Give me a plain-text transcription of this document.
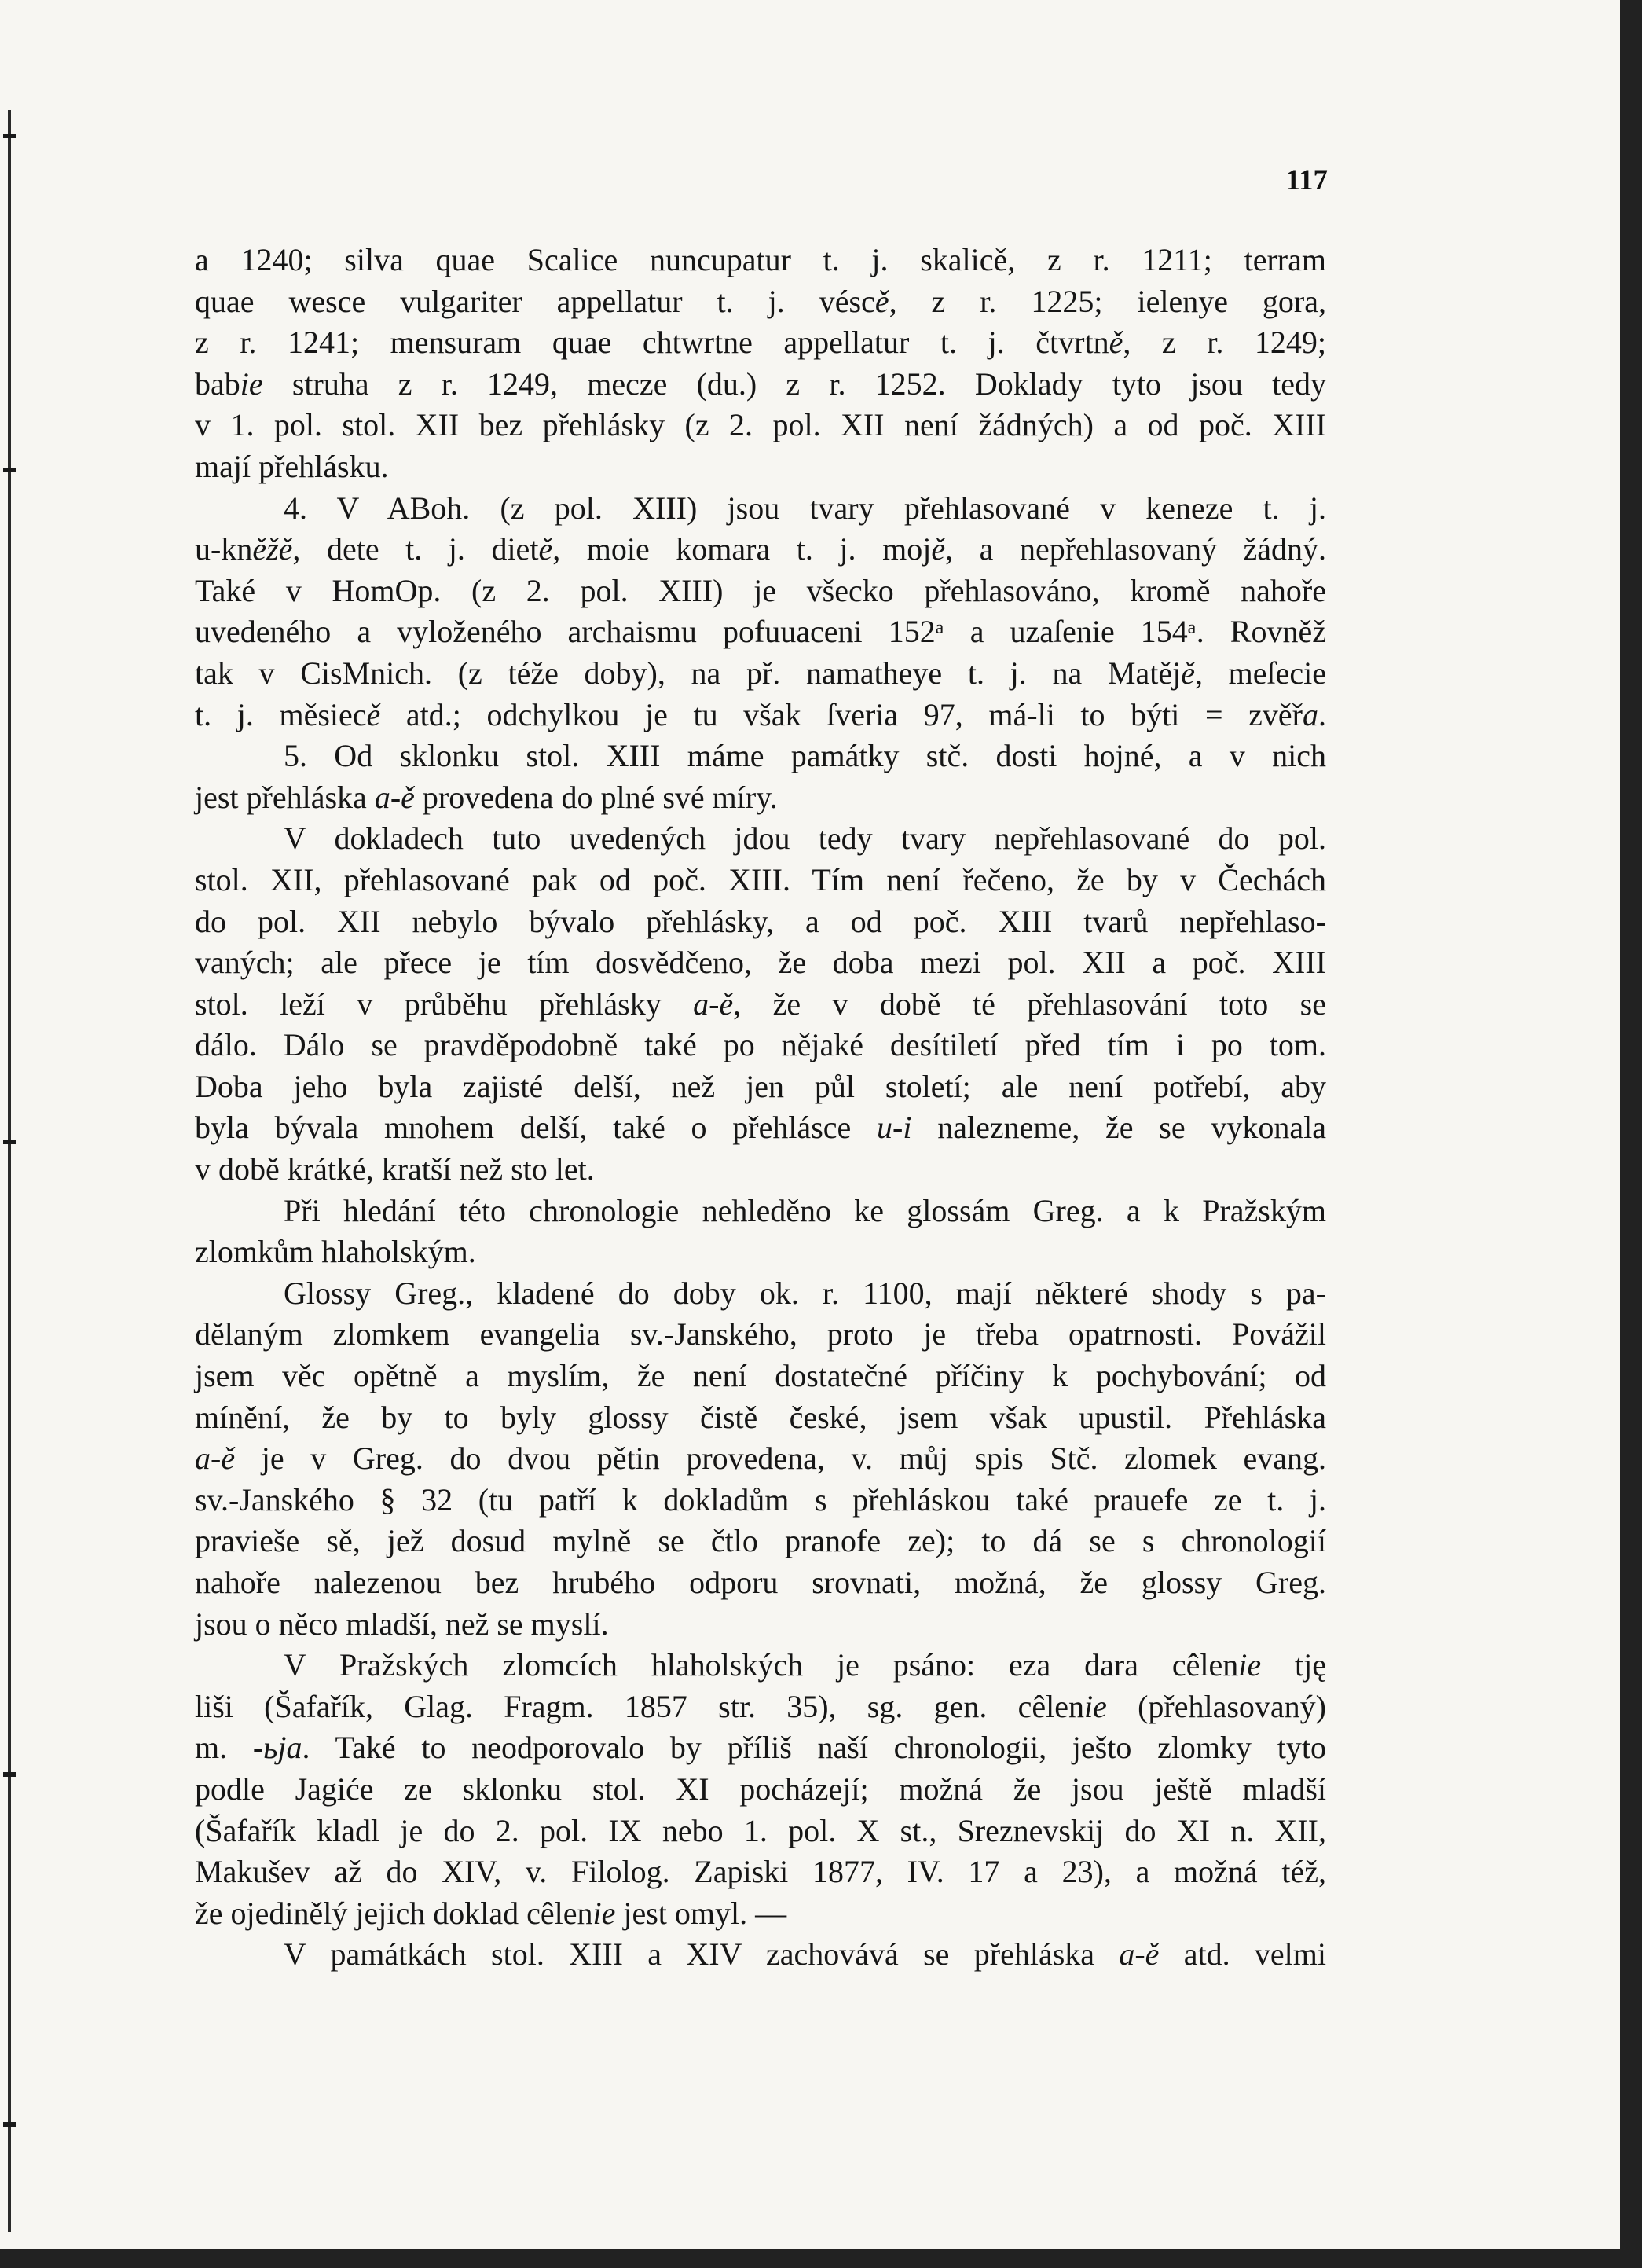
117
a 1240; silva quae Scalice nuncupatur t. j. skalicě, z r. 1211; terram
quae wesce vulgariter appellatur t. j. véscě, z r. 1225; ielenye gora,
z r. 1241; mensuram quae chtwrtne appellatur t. j. čtvrtně, z r. 1249;
babie struha z r. 1249, mecze (du.) z r. 1252. Doklady tyto jsou tedy
v 1. pol. stol. XII bez přehlásky (z 2. pol. XII není žádných) a od poč. XIII
mají přehlásku.
4. V ABoh. (z pol. XIII) jsou tvary přehlasované v keneze t. j.
u-kněžě, dete t. j. dietě, moie komara t. j. mojě, a nepřehlasovaný žádný.
Také v HomOp. (z 2. pol. XIII) je všecko přehlasováno, kromě nahoře
uvedeného a vyloženého archaismu pofuuaceni 152ᵃ a uzaſenie 154ᵃ. Rovněž
tak v CisMnich. (z téže doby), na př. namatheye t. j. na Matějě, meſecie
t. j. měsiecě atd.; odchylkou je tu však ſveria 97, má-li to býti = zvěřa.
5. Od sklonku stol. XIII máme památky stč. dosti hojné, a v nich
jest přehláska a-ě provedena do plné své míry.
V dokladech tuto uvedených jdou tedy tvary nepřehlasované do pol.
stol. XII, přehlasované pak od poč. XIII. Tím není řečeno, že by v Čechách
do pol. XII nebylo bývalo přehlásky, a od poč. XIII tvarů nepřehlaso-
vaných; ale přece je tím dosvědčeno, že doba mezi pol. XII a poč. XIII
stol. leží v průběhu přehlásky a-ě, že v době té přehlasování toto se
dálo. Dálo se pravděpodobně také po nějaké desítiletí před tím i po tom.
Doba jeho byla zajisté delší, než jen půl století; ale není potřebí, aby
byla bývala mnohem delší, také o přehlásce u-i nalezneme, že se vykonala
v době krátké, kratší než sto let.
Při hledání této chronologie nehleděno ke glossám Greg. a k Pražským
zlomkům hlaholským.
Glossy Greg., kladené do doby ok. r. 1100, mají některé shody s pa-
dělaným zlomkem evangelia sv.-Janského, proto je třeba opatrnosti. Povážil
jsem věc opětně a myslím, že není dostatečné příčiny k pochybování; od
mínění, že by to byly glossy čistě české, jsem však upustil. Přehláska
a-ě je v Greg. do dvou pětin provedena, v. můj spis Stč. zlomek evang.
sv.-Janského § 32 (tu patří k dokladům s přehláskou také prauefe ze t. j.
pravieše sě, jež dosud mylně se čtlo pranofe ze); to dá se s chronologií
nahoře nalezenou bez hrubého odporu srovnati, možná, že glossy Greg.
jsou o něco mladší, než se myslí.
V Pražských zlomcích hlaholských je psáno: eza dara cêlenie tję
liši (Šafařík, Glag. Fragm. 1857 str. 35), sg. gen. cêlenie (přehlasovaný)
m. -ьja. Také to neodporovalo by příliš naší chronologii, ješto zlomky tyto
podle Jagiće ze sklonku stol. XI pocházejí; možná že jsou ještě mladší
(Šafařík kladl je do 2. pol. IX nebo 1. pol. X st., Sreznevskij do XI n. XII,
Makušev až do XIV, v. Filolog. Zapiski 1877, IV. 17 a 23), a možná též,
že ojedinělý jejich doklad cêlenie jest omyl. —
V památkách stol. XIII a XIV zachovává se přehláska a-ě atd. velmi
